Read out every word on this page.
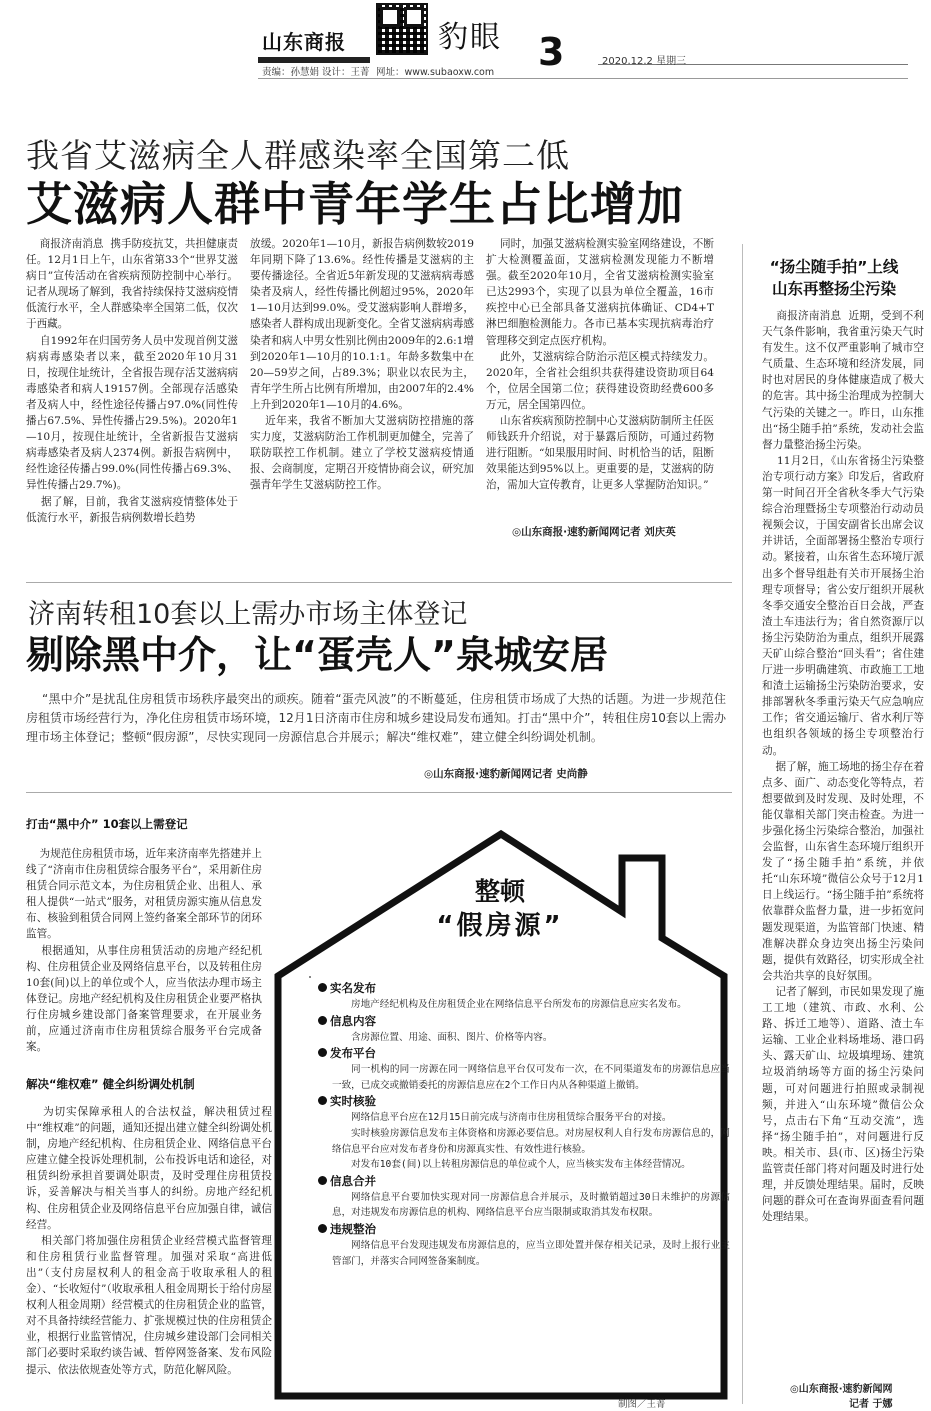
山东商报	豹眼 3	2020.12.2 星期三
责编：孙慧娟 设计：王菁 网址：www.subaoxw.com
我省艾滋病全人群感染率全国第二低
艾滋病人群中青年学生占比增加
商报济南消息  携手防疫抗艾，共担健康责任。12月1日上午，山东省第33个“世界艾滋病日”宣传活动在省疾病预防控制中心举行。记者从现场了解到，我省持续保持艾滋病疫情低流行水平，全人群感染率全国第二低，仅次于西藏。
自1992年在归国劳务人员中发现首例艾滋病病毒感染者以来，截至2020年10月31日，按现住址统计，全省报告现存活艾滋病病毒感染者和病人19157例。全部现存活感染者及病人中，经性途径传播占97.0%(同性传播占67.5%、异性传播占29.5%)。2020年1—10月，按现住址统计，全省新报告艾滋病病毒感染者及病人2374例。新报告病例中，经性途径传播占99.0%(同性传播占69.3%、异性传播占29.7%)。
据了解，目前，我省艾滋病疫情整体处于低流行水平，新报告病例数增长趋势
放缓。2020年1—10月，新报告病例数较2019年同期下降了13.6%。经性传播是艾滋病的主要传播途径。全省近5年新发现的艾滋病病毒感染者及病人，经性传播比例超过95%，2020年1—10月达到99.0%。受艾滋病影响人群增多，感染者人群构成出现新变化。全省艾滋病病毒感染者和病人中男女性别比例由2009年的2.6:1增到2020年1—10月的10.1:1。年龄多数集中在20—59岁之间，占89.3%；职业以农民为主，青年学生所占比例有所增加，由2007年的2.4%上升到2020年1—10月的4.6%。
近年来，我省不断加大艾滋病防控措施的落实力度，艾滋病防治工作机制更加健全，完善了联防联控工作机制。建立了学校艾滋病疫情通报、会商制度，定期召开疫情协商会议，研究加强青年学生艾滋病防控工作。
同时，加强艾滋病检测实验室网络建设，不断扩大检测覆盖面，艾滋病检测发现能力不断增强。截至2020年10月，全省艾滋病检测实验室已达2993个，实现了以县为单位全覆盖，16市疾控中心已全部具备艾滋病抗体确证、CD4+T淋巴细胞检测能力。各市已基本实现抗病毒治疗管理移交到定点医疗机构。
此外，艾滋病综合防治示范区模式持续发力。2020年，全省社会组织共获得建设资助项目64个，位居全国第二位；获得建设资助经费600多万元，居全国第四位。
山东省疾病预防控制中心艾滋病防制所主任医师钱跃升介绍说，对于暴露后预防，可通过药物进行阻断。“如果服用时间、时机恰当的话，阻断效果能达到95%以上。更重要的是，艾滋病的防治，需加大宣传教育，让更多人掌握防治知识。”
◎山东商报·速豹新闻网记者 刘庆英
“扬尘随手拍”上线
山东再整扬尘污染
商报济南消息  近期，受到不利天气条件影响，我省重污染天气时有发生。这不仅严重影响了城市空气质量、生态环境和经济发展，同时也对居民的身体健康造成了极大的危害。其中扬尘治理成为控制大气污染的关键之一。昨日，山东推出“扬尘随手拍”系统，发动社会监督力量整治扬尘污染。
11月2日，《山东省扬尘污染整治专项行动方案》印发后，省政府第一时间召开全省秋冬季大气污染综合治理暨扬尘专项整治行动动员视频会议，于国安副省长出席会议并讲话，全面部署扬尘整治专项行动。紧接着，山东省生态环境厅派出多个督导组赴有关市开展扬尘治理专项督导；省公安厅组织开展秋冬季交通安全整治百日会战，严查渣土车违法行为；省自然资源厅以扬尘污染防治为重点，组织开展露天矿山综合整治“回头看”；省住建厅进一步明确建筑、市政施工工地和渣土运输扬尘污染防治要求，安排部署秋冬季重污染天气应急响应工作；省交通运输厅、省水利厅等也组织各领域的扬尘专项整治行动。
据了解，施工场地的扬尘存在着点多、面广、动态变化等特点，若想要做到及时发现、及时处理，不能仅靠相关部门突击检查。为进一步强化扬尘污染综合整治，加强社会监督，山东省生态环境厅组织开发了“扬尘随手拍”系统，并依托“山东环境”微信公众号于12月1日上线运行。“扬尘随手拍”系统将依靠群众监督力量，进一步拓宽问题发现渠道，为监管部门快速、精准解决群众身边突出扬尘污染问题，提供有效路径，切实形成全社会共治共享的良好氛围。
记者了解到，市民如果发现了施工工地（建筑、市政、水利、公路、拆迁工地等）、道路、渣土车运输、工业企业料场堆场、港口码头、露天矿山、垃圾填埋场、建筑垃圾消纳场等方面的扬尘污染问题，可对问题进行拍照或录制视频，并进入“山东环境”微信公众号，点击右下角“互动交流”，选择“扬尘随手拍”，对问题进行反映。相关市、县(市、区)扬尘污染监管责任部门将对问题及时进行处理，并反馈处理结果。届时，反映问题的群众可在查询界面查看问题处理结果。
◎山东商报·速豹新闻网
记者 于娜
济南转租10套以上需办市场主体登记
剔除黑中介，让“蛋壳人”泉城安居
“黑中介”是扰乱住房租赁市场秩序最突出的顽疾。随着“蛋壳风波”的不断蔓延，住房租赁市场成了大热的话题。为进一步规范住房租赁市场经营行为，净化住房租赁市场环境，12月1日济南市住房和城乡建设局发布通知。打击“黑中介”，转租住房10套以上需办理市场主体登记；整顿“假房源”，尽快实现同一房源信息合并展示；解决“维权难”，建立健全纠纷调处机制。
◎山东商报·速豹新闻网记者 史尚静
打击“黑中介” 10套以上需登记
为规范住房租赁市场，近年来济南率先搭建并上线了“济南市住房租赁综合服务平台”，采用新住房租赁合同示范文本，为住房租赁企业、出租人、承租人提供“一站式”服务，对租赁房源实施从信息发布、核验到租赁合同网上签约备案全部环节的闭环监管。
根据通知，从事住房租赁活动的房地产经纪机构、住房租赁企业及网络信息平台，以及转租住房10套(间)以上的单位或个人，应当依法办理市场主体登记。房地产经纪机构及住房租赁企业要严格执行住房城乡建设部门备案管理要求，在开展业务前，应通过济南市住房租赁综合服务平台完成备案。
解决“维权难” 健全纠纷调处机制
为切实保障承租人的合法权益，解决租赁过程中“维权难”的问题，通知还提出建立健全纠纷调处机制，房地产经纪机构、住房租赁企业、网络信息平台应建立健全投诉处理机制，公布投诉电话和途径，对租赁纠纷承担首要调处职责，及时受理住房租赁投诉，妥善解决与相关当事人的纠纷。房地产经纪机构、住房租赁企业及网络信息平台应加强自律，诚信经营。
相关部门将加强住房租赁企业经营模式监督管理和住房租赁行业监督管理。加强对采取“高进低出”（支付房屋权利人的租金高于收取承租人的租金）、“长收短付”（收取承租人租金周期长于给付房屋权利人租金周期）经营模式的住房租赁企业的监管，对不具备持续经营能力、扩张规模过快的住房租赁企业，根据行业监管情况，住房城乡建设部门会同相关部门必要时采取约谈告诫、暂停网签备案、发布风险提示、依法依规查处等方式，防范化解风险。
整顿
“假房源”
实名发布
房地产经纪机构及住房租赁企业在网络信息平台所发布的房源信息应实名发布。
信息内容
含房源位置、用途、面积、图片、价格等内容。
发布平台
同一机构的同一房源在同一网络信息平台仅可发布一次，在不同渠道发布的房源信息应当一致，已成交或撤销委托的房源信息应在2个工作日内从各种渠道上撤销。
实时核验
网络信息平台应在12月15日前完成与济南市住房租赁综合服务平台的对接。
实时核验房源信息发布主体资格和房源必要信息。对房屋权利人自行发布房源信息的，网络信息平台应对发布者身份和房源真实性、有效性进行核验。
对发布10套(间)以上转租房源信息的单位或个人，应当核实发布主体经营情况。
信息合并
网络信息平台要加快实现对同一房源信息合并展示，及时撤销超过30日未维护的房源信息，对违规发布房源信息的机构、网络信息平台应当限制或取消其发布权限。
违规整治
网络信息平台发现违规发布房源信息的，应当立即处置并保存相关记录，及时上报行业主管部门，并落实合同网签备案制度。
制图／王菁
